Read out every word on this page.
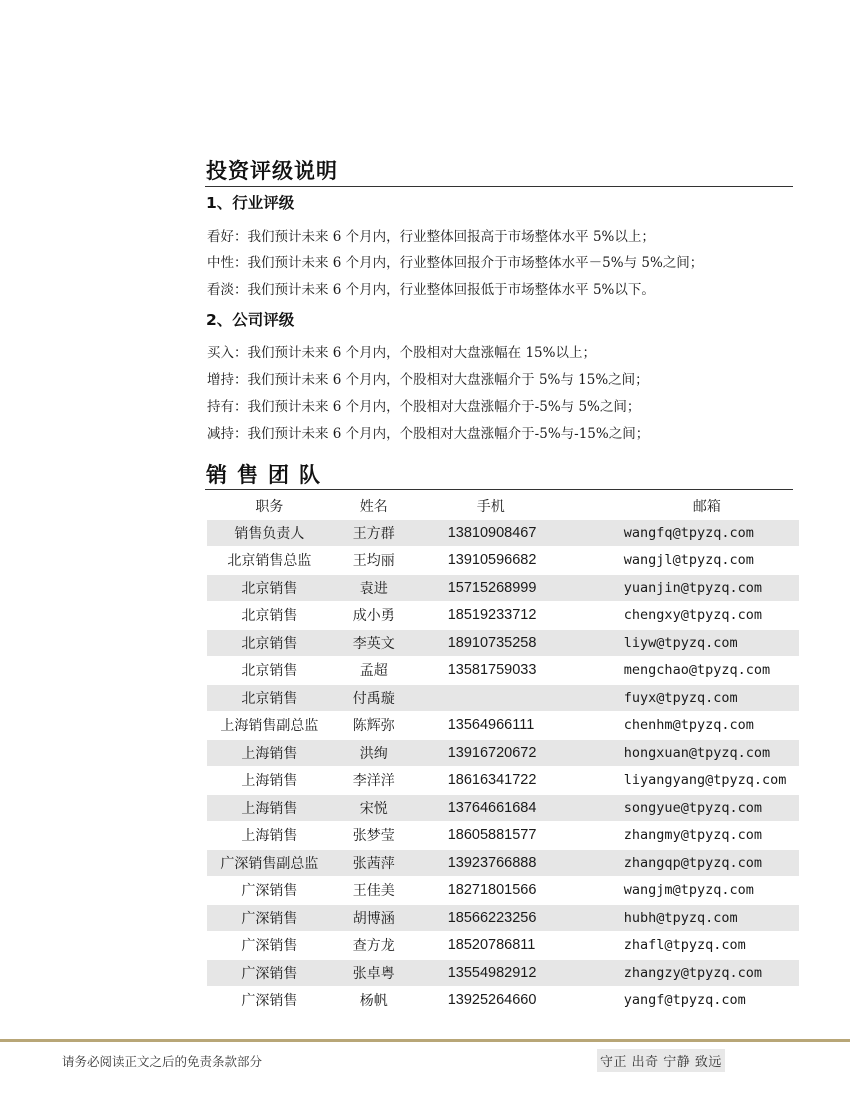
投资评级说明
1、行业评级
看好：我们预计未来 6 个月内，行业整体回报高于市场整体水平 5%以上；
中性：我们预计未来 6 个月内，行业整体回报介于市场整体水平－5%与 5%之间；
看淡：我们预计未来 6 个月内，行业整体回报低于市场整体水平 5%以下。
2、公司评级
买入：我们预计未来 6 个月内，个股相对大盘涨幅在 15%以上；
增持：我们预计未来 6 个月内，个股相对大盘涨幅介于 5%与 15%之间；
持有：我们预计未来 6 个月内，个股相对大盘涨幅介于-5%与 5%之间；
减持：我们预计未来 6 个月内，个股相对大盘涨幅介于-5%与-15%之间；
销售团队
职务	姓名	手机	邮箱
销售负责人	王方群	13810908467	wangfq@tpyzq.com
北京销售总监	王均丽	13910596682	wangjl@tpyzq.com
北京销售	袁进	15715268999	yuanjin@tpyzq.com
北京销售	成小勇	18519233712	chengxy@tpyzq.com
北京销售	李英文	18910735258	liyw@tpyzq.com
北京销售	孟超	13581759033	mengchao@tpyzq.com
北京销售	付禹璇		fuyx@tpyzq.com
上海销售副总监	陈辉弥	13564966111	chenhm@tpyzq.com
上海销售	洪绚	13916720672	hongxuan@tpyzq.com
上海销售	李洋洋	18616341722	liyangyang@tpyzq.com
上海销售	宋悦	13764661684	songyue@tpyzq.com
上海销售	张梦莹	18605881577	zhangmy@tpyzq.com
广深销售副总监	张茜萍	13923766888	zhangqp@tpyzq.com
广深销售	王佳美	18271801566	wangjm@tpyzq.com
广深销售	胡博涵	18566223256	hubh@tpyzq.com
广深销售	查方龙	18520786811	zhafl@tpyzq.com
广深销售	张卓粤	13554982912	zhangzy@tpyzq.com
广深销售	杨帆	13925264660	yangf@tpyzq.com
请务必阅读正文之后的免责条款部分	守正 出奇 宁静 致远
